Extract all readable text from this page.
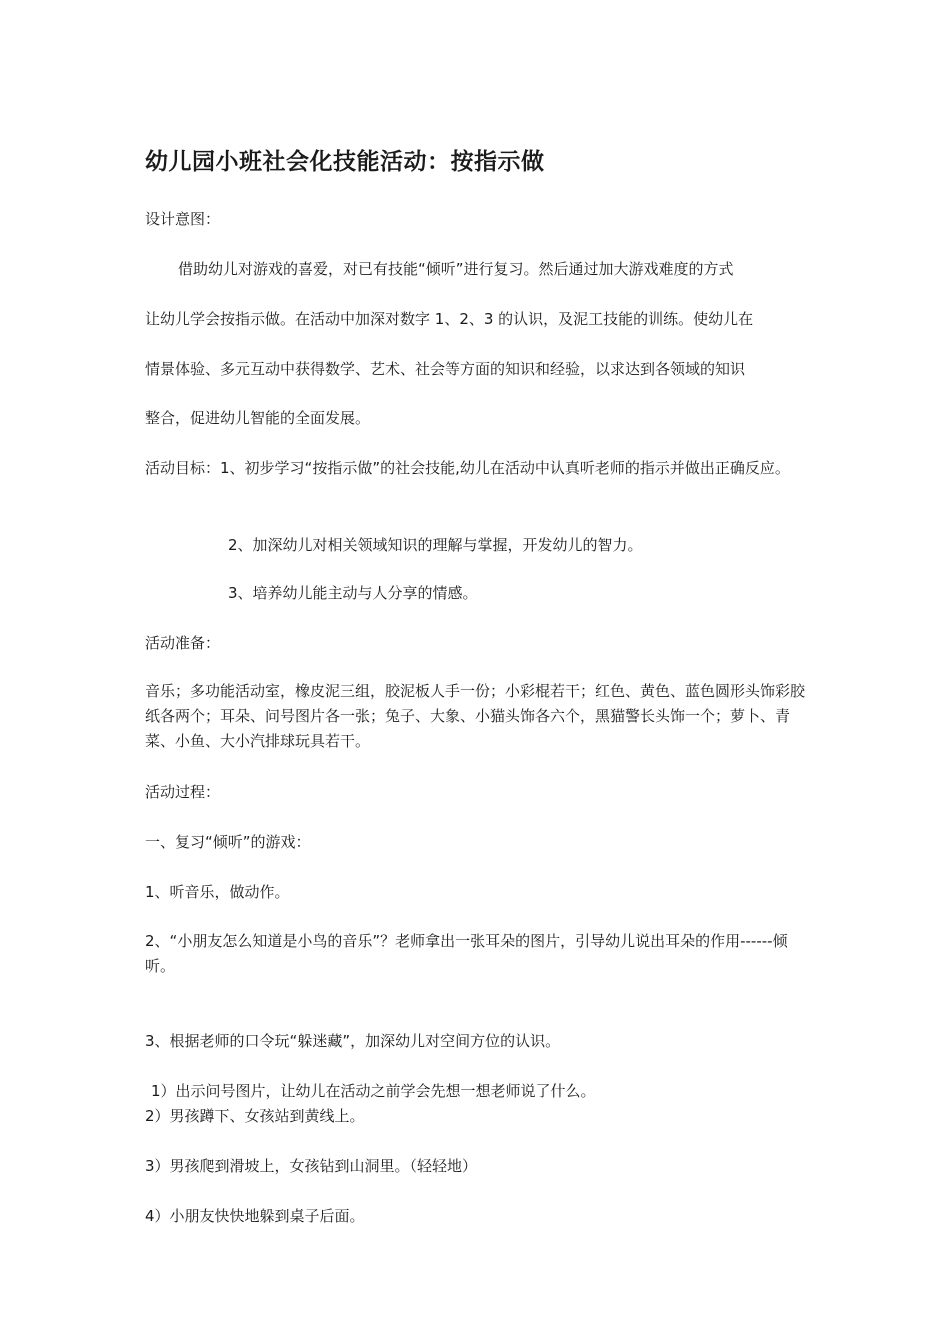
幼儿园小班社会化技能活动：按指示做

设计意图：

借助幼儿对游戏的喜爱，对已有技能“倾听”进行复习。然后通过加大游戏难度的方式

让幼儿学会按指示做。在活动中加深对数字 1、2、3 的认识，及泥工技能的训练。使幼儿在

情景体验、多元互动中获得数学、艺术、社会等方面的知识和经验，以求达到各领域的知识

整合，促进幼儿智能的全面发展。

活动目标：1、初步学习“按指示做”的社会技能,幼儿在活动中认真听老师的指示并做出正确反应。

2、加深幼儿对相关领域知识的理解与掌握，开发幼儿的智力。

3、培养幼儿能主动与人分享的情感。

活动准备：

音乐；多功能活动室，橡皮泥三组，胶泥板人手一份；小彩棍若干；红色、黄色、蓝色圆形头饰彩胶纸各两个；耳朵、问号图片各一张；兔子、大象、小猫头饰各六个，黑猫警长头饰一个；萝卜、青菜、小鱼、大小汽排球玩具若干。

活动过程：

一、复习“倾听”的游戏：

1、听音乐，做动作。

2、“小朋友怎么知道是小鸟的音乐”？老师拿出一张耳朵的图片，引导幼儿说出耳朵的作用------倾听。

3、根据老师的口令玩“躲迷藏”，加深幼儿对空间方位的认识。

1）出示问号图片，让幼儿在活动之前学会先想一想老师说了什么。

2）男孩蹲下、女孩站到黄线上。

3）男孩爬到滑坡上，女孩钻到山洞里。（轻轻地）

4）小朋友快快地躲到桌子后面。
